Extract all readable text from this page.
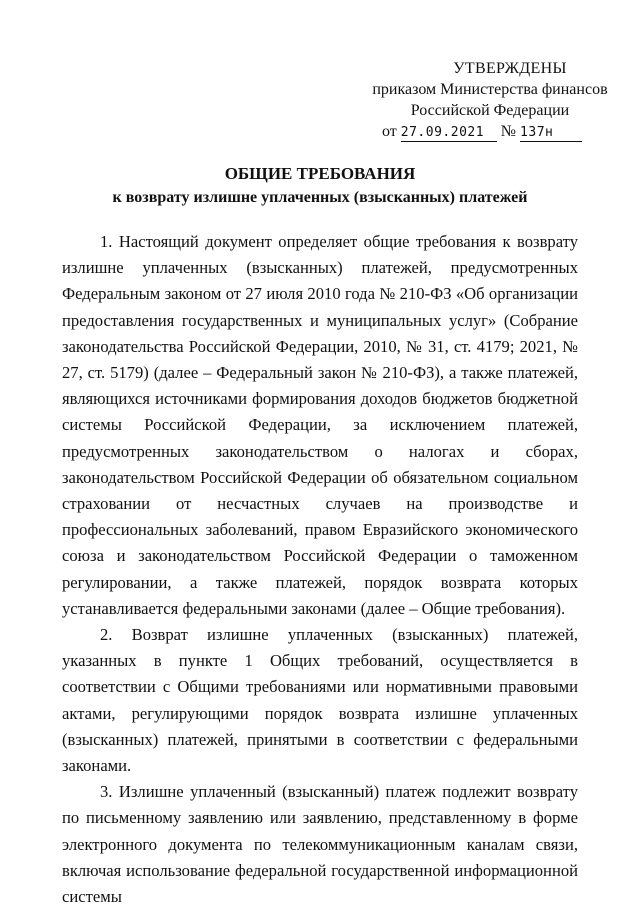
УТВЕРЖДЕНЫ
приказом Министерства финансов
Российской Федерации
от 27.09.2021 № 137н
ОБЩИЕ ТРЕБОВАНИЯ
к возврату излишне уплаченных (взысканных) платежей

1. Настоящий документ определяет общие требования к возврату излишне уплаченных (взысканных) платежей, предусмотренных Федеральным законом от 27 июля 2010 года № 210-ФЗ «Об организации предоставления государственных и муниципальных услуг» (Собрание законодательства Российской Федерации, 2010, № 31, ст. 4179; 2021, № 27, ст. 5179) (далее – Федеральный закон № 210-ФЗ), а также платежей, являющихся источниками формирования доходов бюджетов бюджетной системы Российской Федерации, за исключением платежей, предусмотренных законодательством о налогах и сборах, законодательством Российской Федерации об обязательном социальном страховании от несчастных случаев на производстве и профессиональных заболеваний, правом Евразийского экономического союза и законодательством Российской Федерации о таможенном регулировании, а также платежей, порядок возврата которых устанавливается федеральными законами (далее – Общие требования).

2. Возврат излишне уплаченных (взысканных) платежей, указанных в пункте 1 Общих требований, осуществляется в соответствии с Общими требованиями или нормативными правовыми актами, регулирующими порядок возврата излишне уплаченных (взысканных) платежей, принятыми в соответствии с федеральными законами.

3. Излишне уплаченный (взысканный) платеж подлежит возврату по письменному заявлению или заявлению, представленному в форме электронного документа по телекоммуникационным каналам связи, включая использование федеральной государственной информационной системы
